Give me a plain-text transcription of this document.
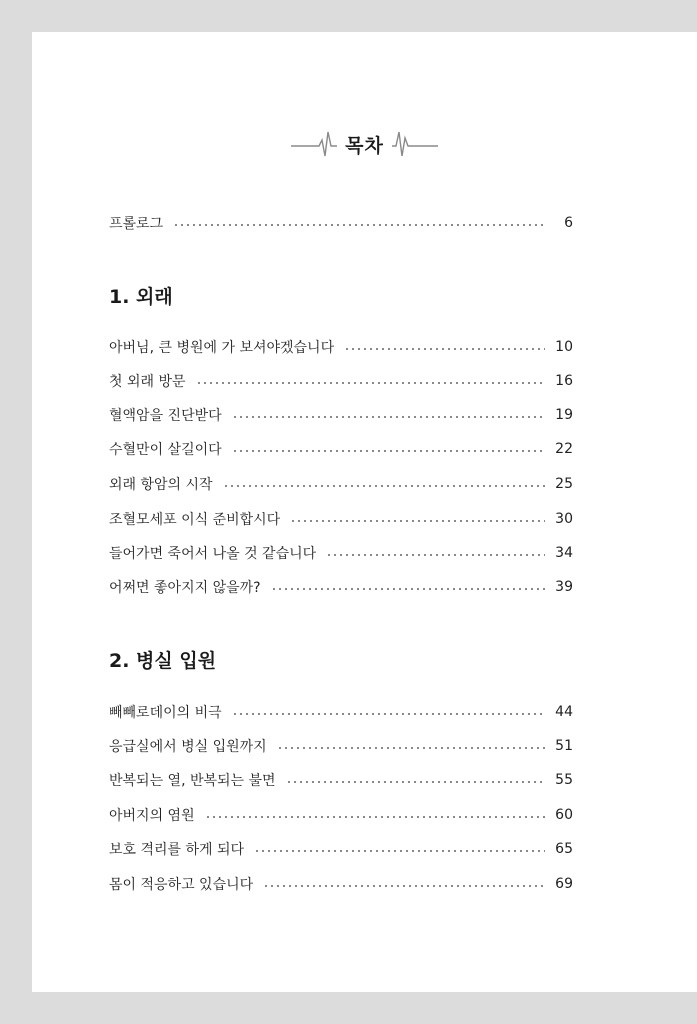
목차
프롤로그	6
1. 외래
아버님, 큰 병원에 가 보셔야겠습니다	10
첫 외래 방문	16
혈액암을 진단받다	19
수혈만이 살길이다	22
외래 항암의 시작	25
조혈모세포 이식 준비합시다	30
들어가면 죽어서 나올 것 같습니다	34
어쩌면 좋아지지 않을까?	39
2. 병실 입원
빼빼로데이의 비극	44
응급실에서 병실 입원까지	51
반복되는 열, 반복되는 불면	55
아버지의 염원	60
보호 격리를 하게 되다	65
몸이 적응하고 있습니다	69
